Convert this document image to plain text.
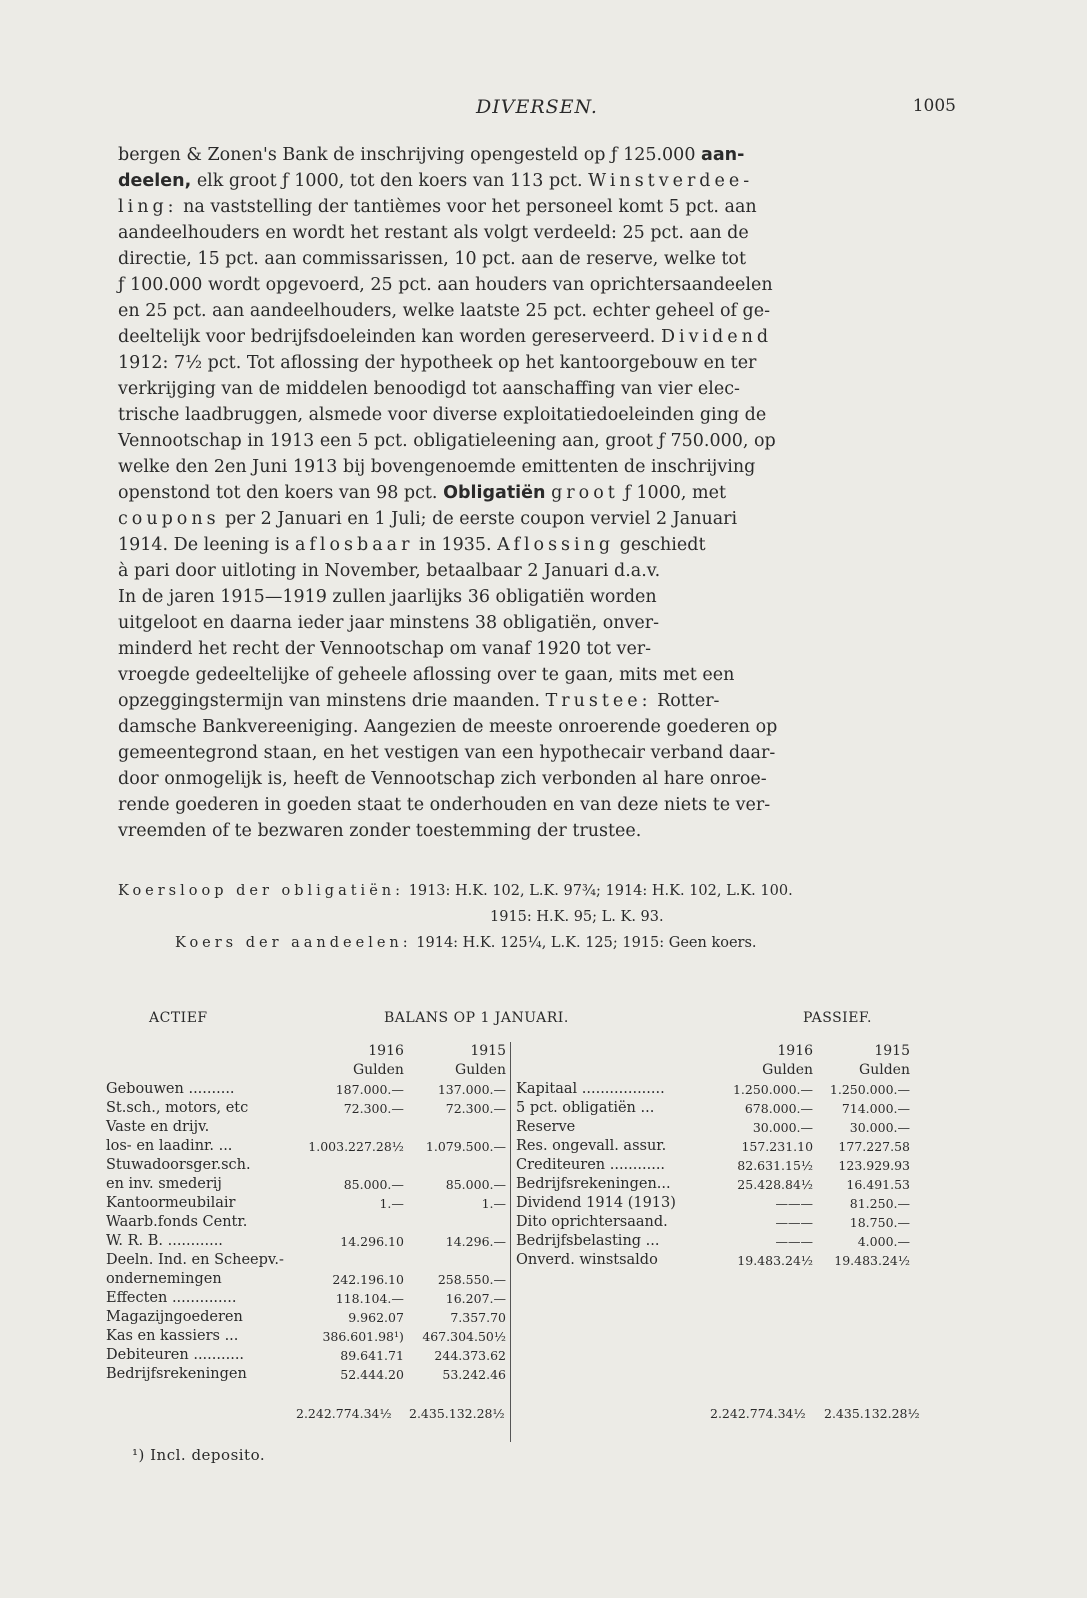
DIVERSEN.	1005
bergen & Zonen's Bank de inschrijving opengesteld op ƒ 125.000 aan-
deelen, elk groot ƒ 1000, tot den koers van 113 pct. Winstverdee-
ling: na vaststelling der tantièmes voor het personeel komt 5 pct. aan
aandeelhouders en wordt het restant als volgt verdeeld: 25 pct. aan de
directie, 15 pct. aan commissarissen, 10 pct. aan de reserve, welke tot
ƒ 100.000 wordt opgevoerd, 25 pct. aan houders van oprichtersaandeelen
en 25 pct. aan aandeelhouders, welke laatste 25 pct. echter geheel of ge-
deeltelijk voor bedrijfsdoeleinden kan worden gereserveerd. Dividend
1912: 7½ pct. Tot aflossing der hypotheek op het kantoorgebouw en ter
verkrijging van de middelen benoodigd tot aanschaffing van vier elec-
trische laadbruggen, alsmede voor diverse exploitatiedoeleinden ging de
Vennootschap in 1913 een 5 pct. obligatieleening aan, groot ƒ 750.000, op
welke den 2en Juni 1913 bij bovengenoemde emittenten de inschrijving
openstond tot den koers van 98 pct. Obligatiën groot ƒ 1000, met
coupons per 2 Januari en 1 Juli; de eerste coupon verviel 2 Januari
1914. De leening is aflosbaar in 1935. Aflossing geschiedt
à pari door uitloting in November, betaalbaar 2 Januari d.a.v.
In de jaren 1915—1919 zullen jaarlijks 36 obligatiën worden
uitgeloot en daarna ieder jaar minstens 38 obligatiën, onver-
minderd het recht der Vennootschap om vanaf 1920 tot ver-
vroegde gedeeltelijke of geheele aflossing over te gaan, mits met een
opzeggingstermijn van minstens drie maanden. Trustee: Rotter-
damsche Bankvereeniging. Aangezien de meeste onroerende goederen op
gemeentegrond staan, en het vestigen van een hypothecair verband daar-
door onmogelijk is, heeft de Vennootschap zich verbonden al hare onroe-
rende goederen in goeden staat te onderhouden en van deze niets te ver-
vreemden of te bezwaren zonder toestemming der trustee.
Koersloop der obligatiën: 1913: H.K. 102, L.K. 97¾; 1914: H.K. 102, L.K. 100.
1915: H.K. 95; L. K. 93.
Koers der aandeelen: 1914: H.K. 125¼, L.K. 125; 1915: Geen koers.
ACTIEF	BALANS OP 1 JANUARI.	PASSIEF.
	1916	1915
	Gulden	Gulden
Gebouwen ..........	187.000.—	137.000.—
St.sch., motors, etc	72.300.—	72.300.—
Vaste en drijv.		
los- en laadinr. ...	1.003.227.28½	1.079.500.—
Stuwadoorsger.sch.		
en inv. smederij	85.000.—	85.000.—
Kantoormeubilair	1.—	1.—
Waarb.fonds Centr.		
W. R. B. ............	14.296.10	14.296.—
Deeln. Ind. en Scheepv.-		
ondernemingen	242.196.10	258.550.—
Effecten ..............	118.104.—	16.207.—
Magazijngoederen	9.962.07	7.357.70
Kas en kassiers ...	386.601.98¹)	467.304.50½
Debiteuren ...........	89.641.71	244.373.62
Bedrijfsrekeningen	52.444.20	53.242.46
	1916	1915
	Gulden	Gulden
Kapitaal ..................	1.250.000.—	1.250.000.—
5 pct. obligatiën ...	678.000.—	714.000.—
Reserve	30.000.—	30.000.—
Res. ongevall. assur.	157.231.10	177.227.58
Crediteuren ............	82.631.15½	123.929.93
Bedrijfsrekeningen...	25.428.84½	16.491.53
Dividend 1914 (1913)	———	81.250.—
Dito oprichtersaand.	———	18.750.—
Bedrijfsbelasting ...	———	4.000.—
Onverd. winstsaldo	19.483.24½	19.483.24½
2.242.774.34½ 2.435.132.28½	2.242.774.34½ 2.435.132.28½
¹) Incl. deposito.
